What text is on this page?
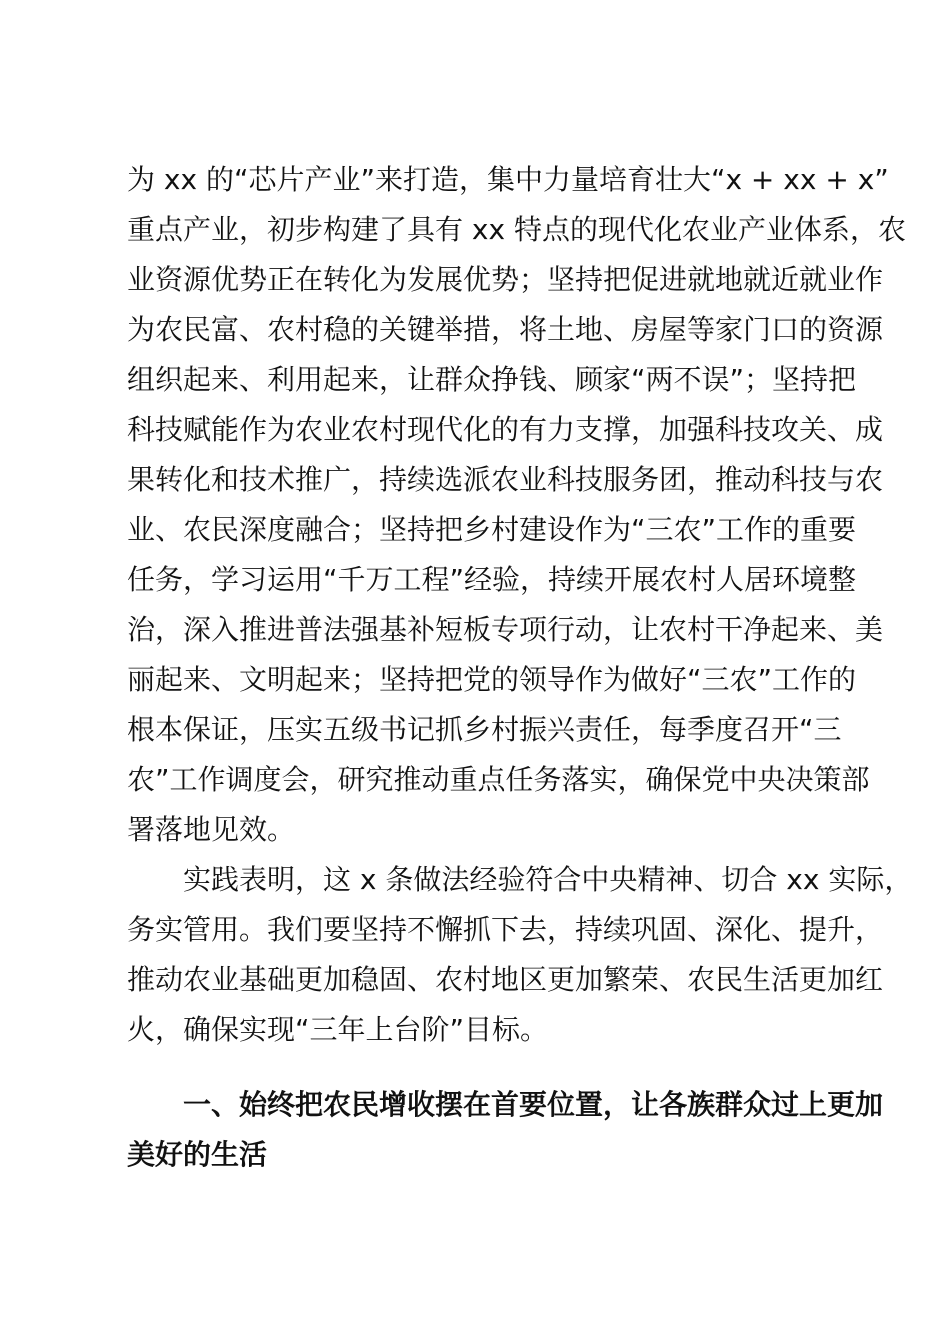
为 xx 的“芯片产业”来打造，集中力量培育壮大“x + xx + x”
重点产业，初步构建了具有 xx 特点的现代化农业产业体系，农
业资源优势正在转化为发展优势；坚持把促进就地就近就业作
为农民富、农村稳的关键举措，将土地、房屋等家门口的资源
组织起来、利用起来，让群众挣钱、顾家“两不误”；坚持把
科技赋能作为农业农村现代化的有力支撑，加强科技攻关、成
果转化和技术推广，持续选派农业科技服务团，推动科技与农
业、农民深度融合；坚持把乡村建设作为“三农”工作的重要
任务，学习运用“千万工程”经验，持续开展农村人居环境整
治，深入推进普法强基补短板专项行动，让农村干净起来、美
丽起来、文明起来；坚持把党的领导作为做好“三农”工作的
根本保证，压实五级书记抓乡村振兴责任，每季度召开“三
农”工作调度会，研究推动重点任务落实，确保党中央决策部
署落地见效。
实践表明，这 x 条做法经验符合中央精神、切合 xx 实际，
务实管用。我们要坚持不懈抓下去，持续巩固、深化、提升，
推动农业基础更加稳固、农村地区更加繁荣、农民生活更加红
火，确保实现“三年上台阶”目标。
一、始终把农民增收摆在首要位置，让各族群众过上更加
美好的生活
